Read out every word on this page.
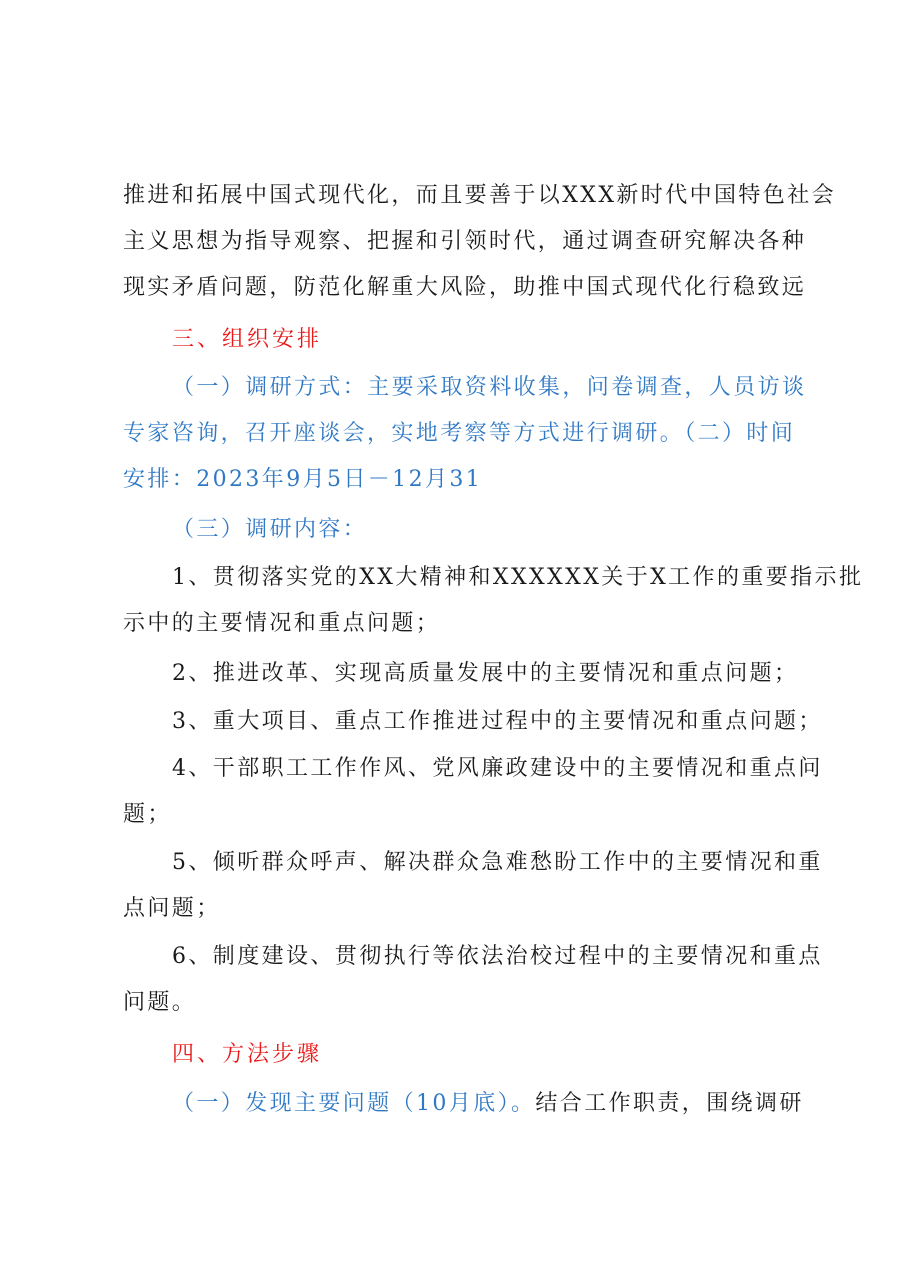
推进和拓展中国式现代化，而且要善于以XXX新时代中国特色社会
主义思想为指导观察、把握和引领时代，通过调查研究解决各种
现实矛盾问题，防范化解重大风险，助推中国式现代化行稳致远
三、组织安排
（一）调研方式：主要采取资料收集，问卷调查，人员访谈
专家咨询，召开座谈会，实地考察等方式进行调研。（二）时间
安排：2023年9月5日－12月31
（三）调研内容：
1、贯彻落实党的XX大精神和XXXXXX关于X工作的重要指示批
示中的主要情况和重点问题；
2、推进改革、实现高质量发展中的主要情况和重点问题；
3、重大项目、重点工作推进过程中的主要情况和重点问题；
4、干部职工工作作风、党风廉政建设中的主要情况和重点问
题；
5、倾听群众呼声、解决群众急难愁盼工作中的主要情况和重
点问题；
6、制度建设、贯彻执行等依法治校过程中的主要情况和重点
问题。
四、方法步骤
（一）发现主要问题（10月底）。结合工作职责，围绕调研
